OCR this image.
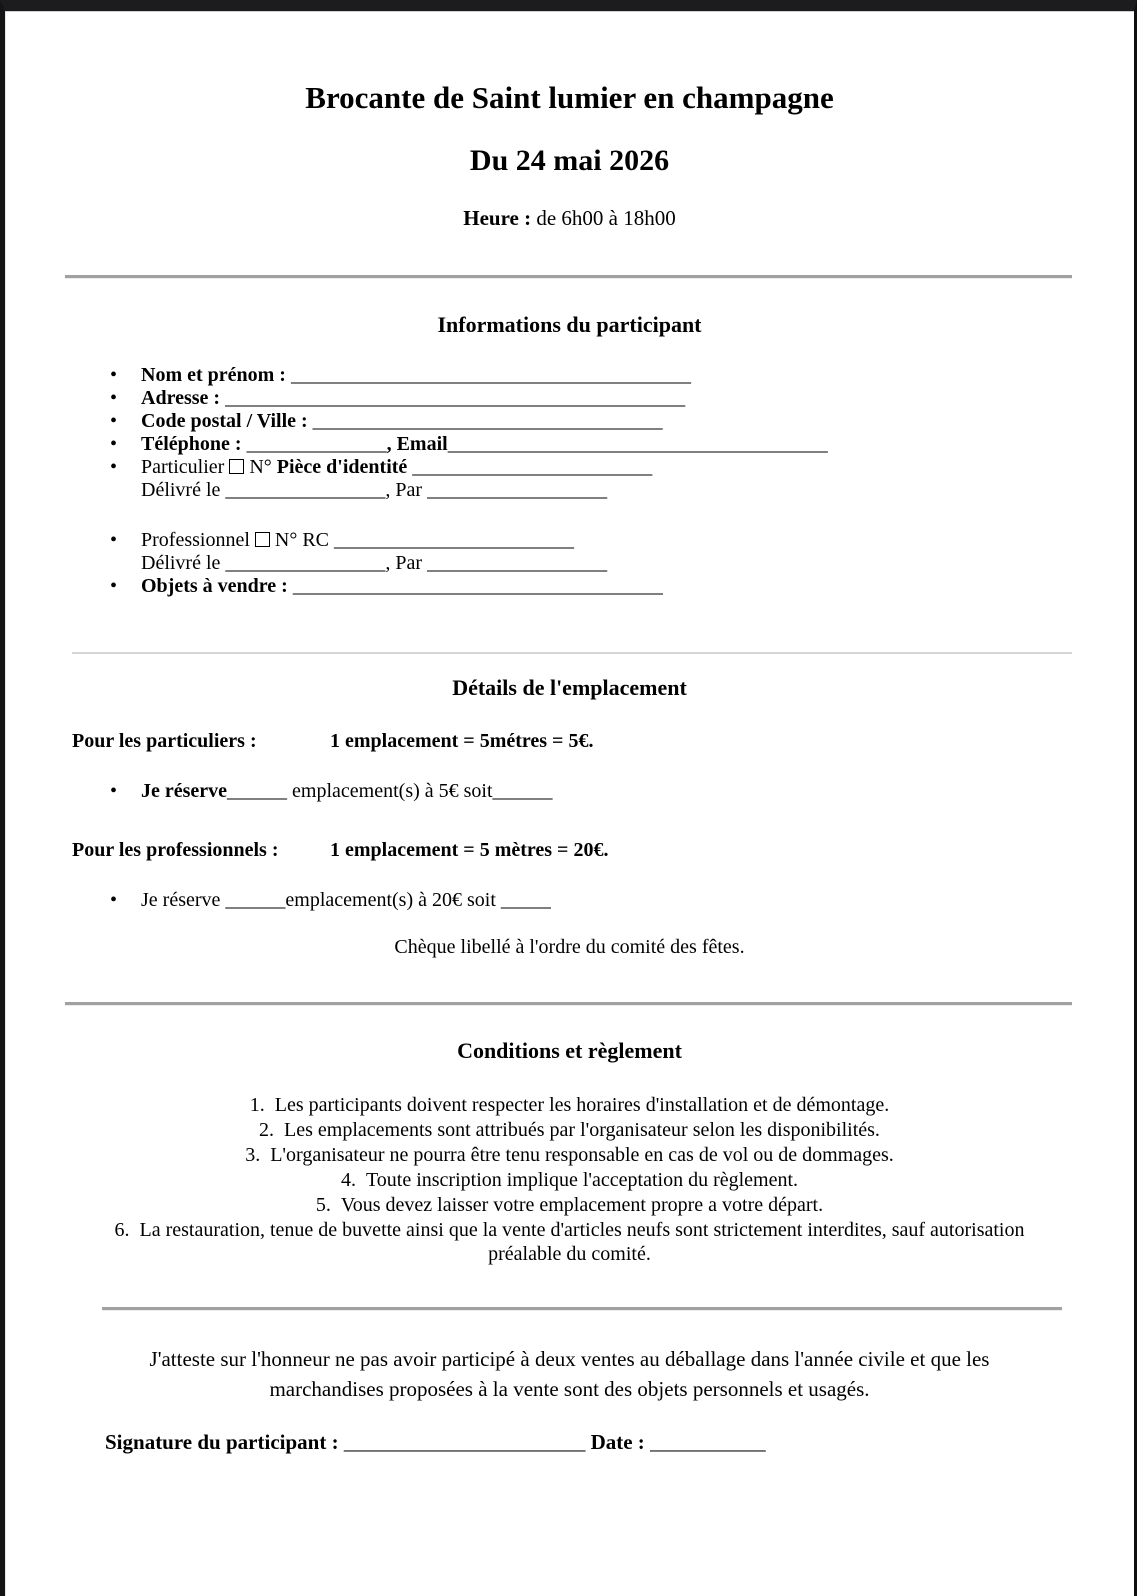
Brocante de Saint lumier en champagne
Du 24 mai 2026

Heure : de 6h00 à 18h00

Informations du participant
• Nom et prénom : ________________________________________
• Adresse : ______________________________________________
• Code postal / Ville : ___________________________________
• Téléphone : ______________, Email______________________________________
• Particulier N° Pièce d'identité ________________________
Délivré le ________________, Par __________________
• Professionnel N° RC ________________________
Délivré le ________________, Par __________________
• Objets à vendre : _____________________________________
Détails de l'emplacement

Pour les particuliers :	1 emplacement = 5métres = 5€.

• Je réserve______ emplacement(s) à 5€ soit______

Pour les professionnels :	1 emplacement = 5 mètres = 20€.

• Je réserve ______emplacement(s) à 20€ soit _____

Chèque libellé à l'ordre du comité des fêtes.

Conditions et règlement
1. Les participants doivent respecter les horaires d'installation et de démontage.
2. Les emplacements sont attribués par l'organisateur selon les disponibilités.
3. L'organisateur ne pourra être tenu responsable en cas de vol ou de dommages.
4. Toute inscription implique l'acceptation du règlement.
5. Vous devez laisser votre emplacement propre a votre départ.
6. La restauration, tenue de buvette ainsi que la vente d'articles neufs sont strictement interdites, sauf autorisation préalable du comité.

J'atteste sur l'honneur ne pas avoir participé à deux ventes au déballage dans l'année civile et que les marchandises proposées à la vente sont des objets personnels et usagés.

Signature du participant : _______________________ Date : ___________
